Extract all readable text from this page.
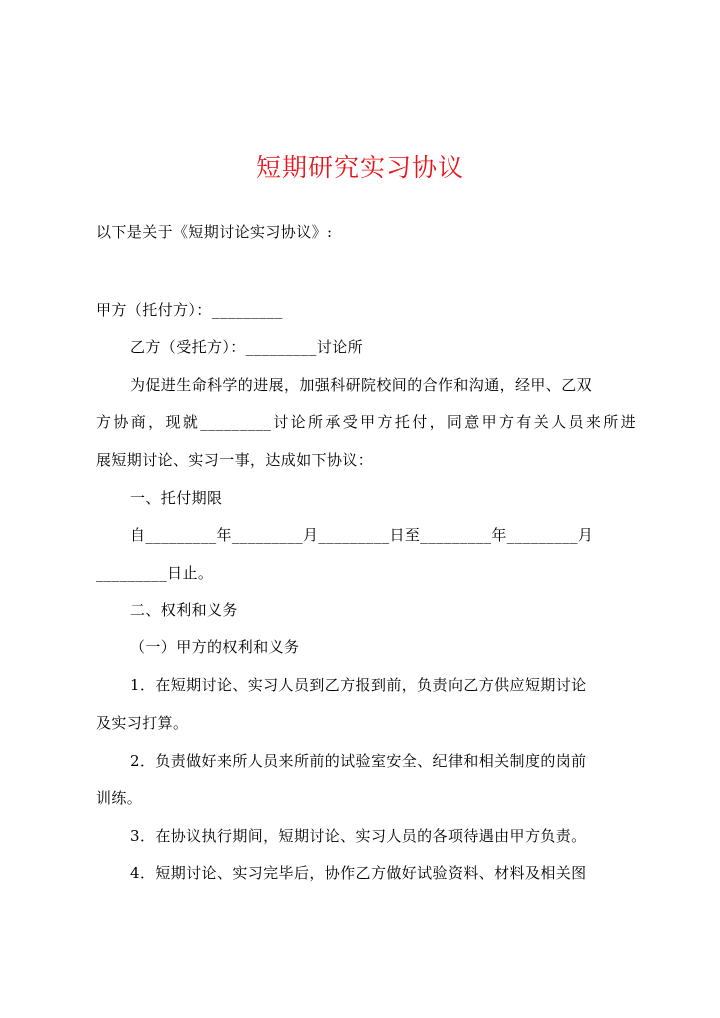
短期研究实习协议
以下是关于《短期讨论实习协议》:
甲方（托付方）：_________
乙方（受托方）：_________讨论所
为促进生命科学的进展，加强科研院校间的合作和沟通，经甲、乙双
方协商，现就_________讨论所承受甲方托付，同意甲方有关人员来所进
展短期讨论、实习一事，达成如下协议：
一、托付期限
自_________年_________月_________日至_________年_________月
_________日止。
二、权利和义务
（一）甲方的权利和义务
1．在短期讨论、实习人员到乙方报到前，负责向乙方供应短期讨论
及实习打算。
2．负责做好来所人员来所前的试验室安全、纪律和相关制度的岗前
训练。
3．在协议执行期间，短期讨论、实习人员的各项待遇由甲方负责。
4．短期讨论、实习完毕后，协作乙方做好试验资料、材料及相关图
